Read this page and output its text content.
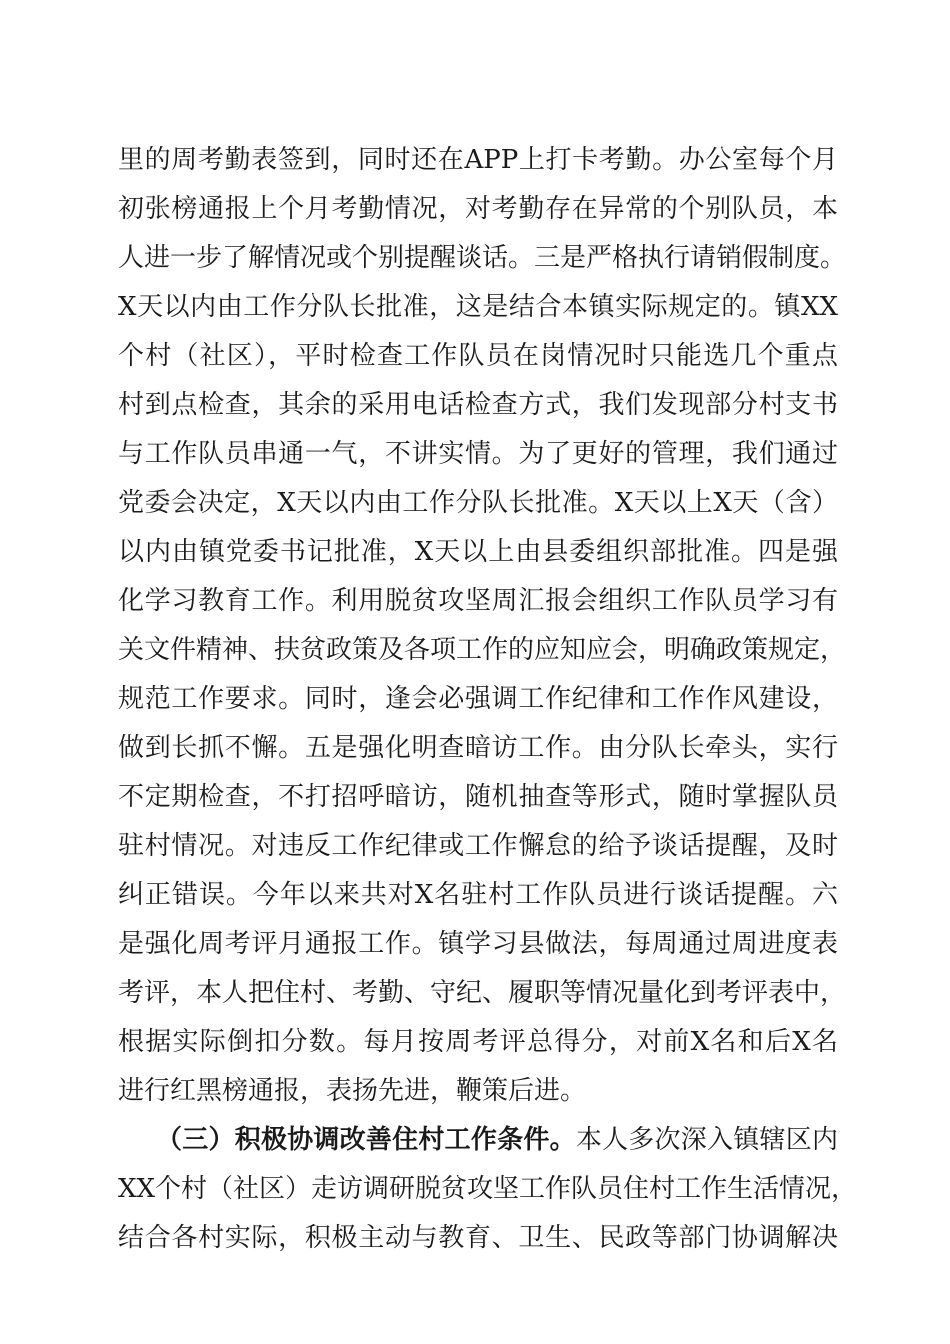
里的周考勤表签到，同时还在APP上打卡考勤。办公室每个月
初张榜通报上个月考勤情况，对考勤存在异常的个别队员，本
人进一步了解情况或个别提醒谈话。三是严格执行请销假制度。
X天以内由工作分队长批准，这是结合本镇实际规定的。镇XX
个村（社区），平时检查工作队员在岗情况时只能选几个重点
村到点检查，其余的采用电话检查方式，我们发现部分村支书
与工作队员串通一气，不讲实情。为了更好的管理，我们通过
党委会决定，X天以内由工作分队长批准。X天以上X天（含）
以内由镇党委书记批准，X天以上由县委组织部批准。四是强
化学习教育工作。利用脱贫攻坚周汇报会组织工作队员学习有
关文件精神、扶贫政策及各项工作的应知应会，明确政策规定，
规范工作要求。同时，逢会必强调工作纪律和工作作风建设，
做到长抓不懈。五是强化明查暗访工作。由分队长牵头，实行
不定期检查，不打招呼暗访，随机抽查等形式，随时掌握队员
驻村情况。对违反工作纪律或工作懈怠的给予谈话提醒，及时
纠正错误。今年以来共对X名驻村工作队员进行谈话提醒。六
是强化周考评月通报工作。镇学习县做法，每周通过周进度表
考评，本人把住村、考勤、守纪、履职等情况量化到考评表中，
根据实际倒扣分数。每月按周考评总得分，对前X名和后X名
进行红黑榜通报，表扬先进，鞭策后进。
（三）积极协调改善住村工作条件。本人多次深入镇辖区内
XX个村（社区）走访调研脱贫攻坚工作队员住村工作生活情况，
结合各村实际，积极主动与教育、卫生、民政等部门协调解决
